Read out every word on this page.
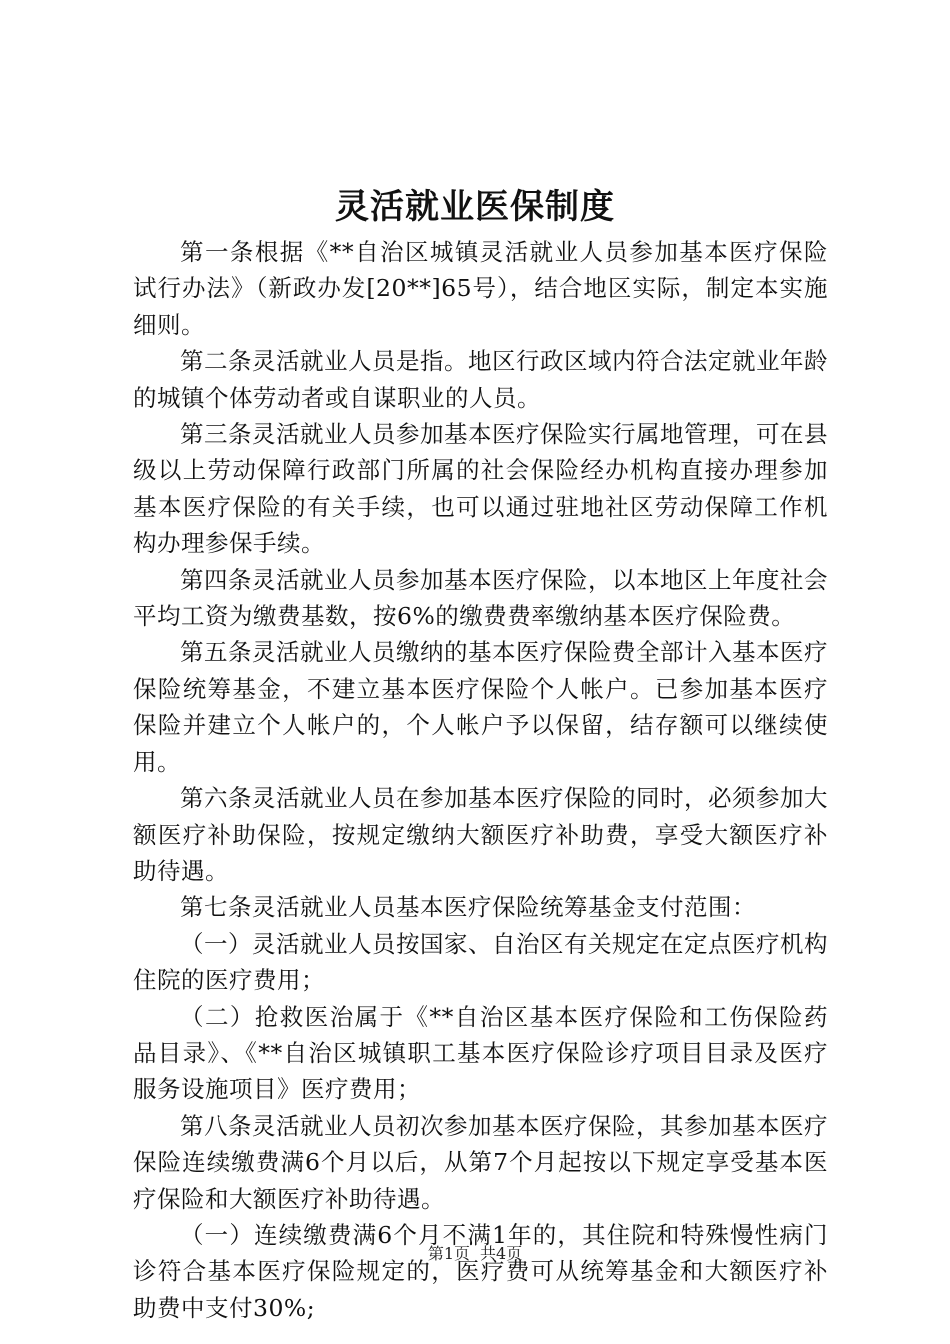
灵活就业医保制度

第一条根据《**自治区城镇灵活就业人员参加基本医疗保险试行办法》（新政办发[20**]65号），结合地区实际，制定本实施细则。

第二条灵活就业人员是指。地区行政区域内符合法定就业年龄的城镇个体劳动者或自谋职业的人员。

第三条灵活就业人员参加基本医疗保险实行属地管理，可在县级以上劳动保障行政部门所属的社会保险经办机构直接办理参加基本医疗保险的有关手续，也可以通过驻地社区劳动保障工作机构办理参保手续。

第四条灵活就业人员参加基本医疗保险，以本地区上年度社会平均工资为缴费基数，按6%的缴费费率缴纳基本医疗保险费。

第五条灵活就业人员缴纳的基本医疗保险费全部计入基本医疗保险统筹基金，不建立基本医疗保险个人帐户。已参加基本医疗保险并建立个人帐户的，个人帐户予以保留，结存额可以继续使用。

第六条灵活就业人员在参加基本医疗保险的同时，必须参加大额医疗补助保险，按规定缴纳大额医疗补助费，享受大额医疗补助待遇。

第七条灵活就业人员基本医疗保险统筹基金支付范围：

（一）灵活就业人员按国家、自治区有关规定在定点医疗机构住院的医疗费用；

（二）抢救医治属于《**自治区基本医疗保险和工伤保险药品目录》、《**自治区城镇职工基本医疗保险诊疗项目目录及医疗服务设施项目》医疗费用；

第八条灵活就业人员初次参加基本医疗保险，其参加基本医疗保险连续缴费满6个月以后，从第7个月起按以下规定享受基本医疗保险和大额医疗补助待遇。

（一）连续缴费满6个月不满1年的，其住院和特殊慢性病门诊符合基本医疗保险规定的，医疗费可从统筹基金和大额医疗补助费中支付30%;

第1页 共4页
